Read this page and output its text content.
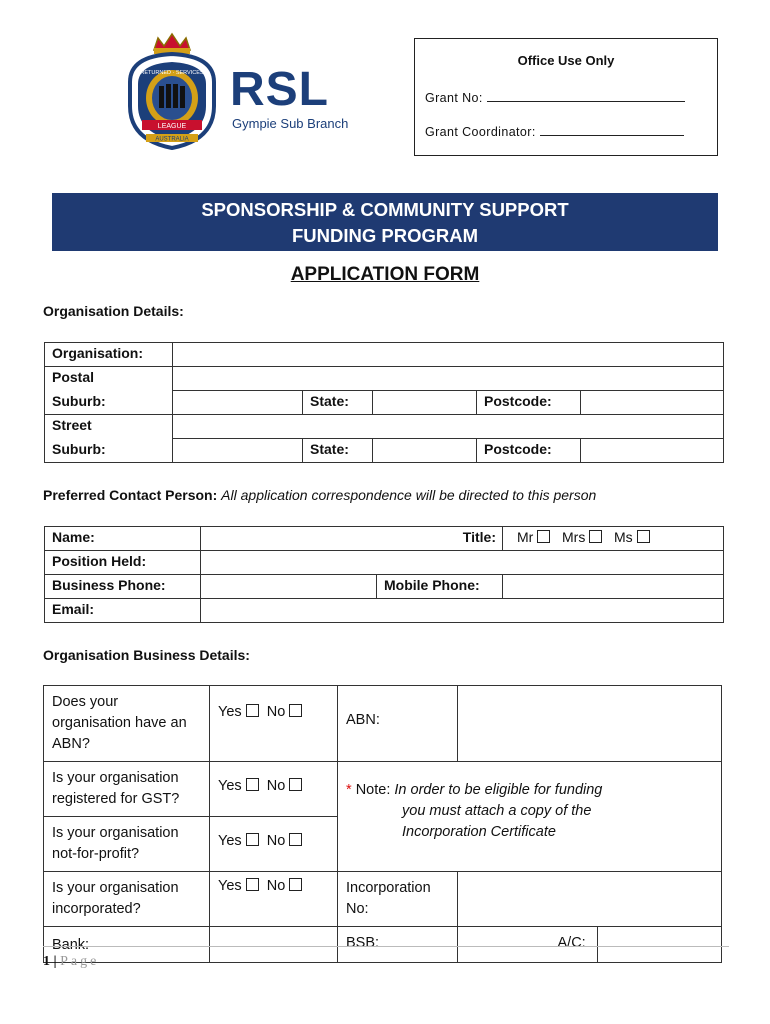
LEAGUE
AUSTRALIA
RETURNED · SERVICES RSL
Gympie Sub Branch
Office Use Only
Grant No:
Grant Coordinator:
SPONSORSHIP & COMMUNITY SUPPORT
FUNDING PROGRAM
APPLICATION FORM
Organisation Details:
Organisation:					
Postal					
Suburb:		State:		Postcode:	
Street					
Suburb:		State:		Postcode:	
Preferred Contact Person: All application correspondence will be directed to this person
Name:	Title:		Mr Mrs Ms
Position Held:			
Business Phone:		Mobile Phone:	
Email:			
Organisation Business Details:
Does your organisation have an ABN?	Yes No	ABN:			
Is your organisation registered for GST?	Yes No	* Note: In order to be eligible for funding
you must attach a copy of the
Incorporation Certificate			

Is your organisation not-for-profit?	Yes No				
Is your organisation incorporated?	Yes No	Incorporation No:			
Bank:		BSB:		A/C:	
1 | Page
